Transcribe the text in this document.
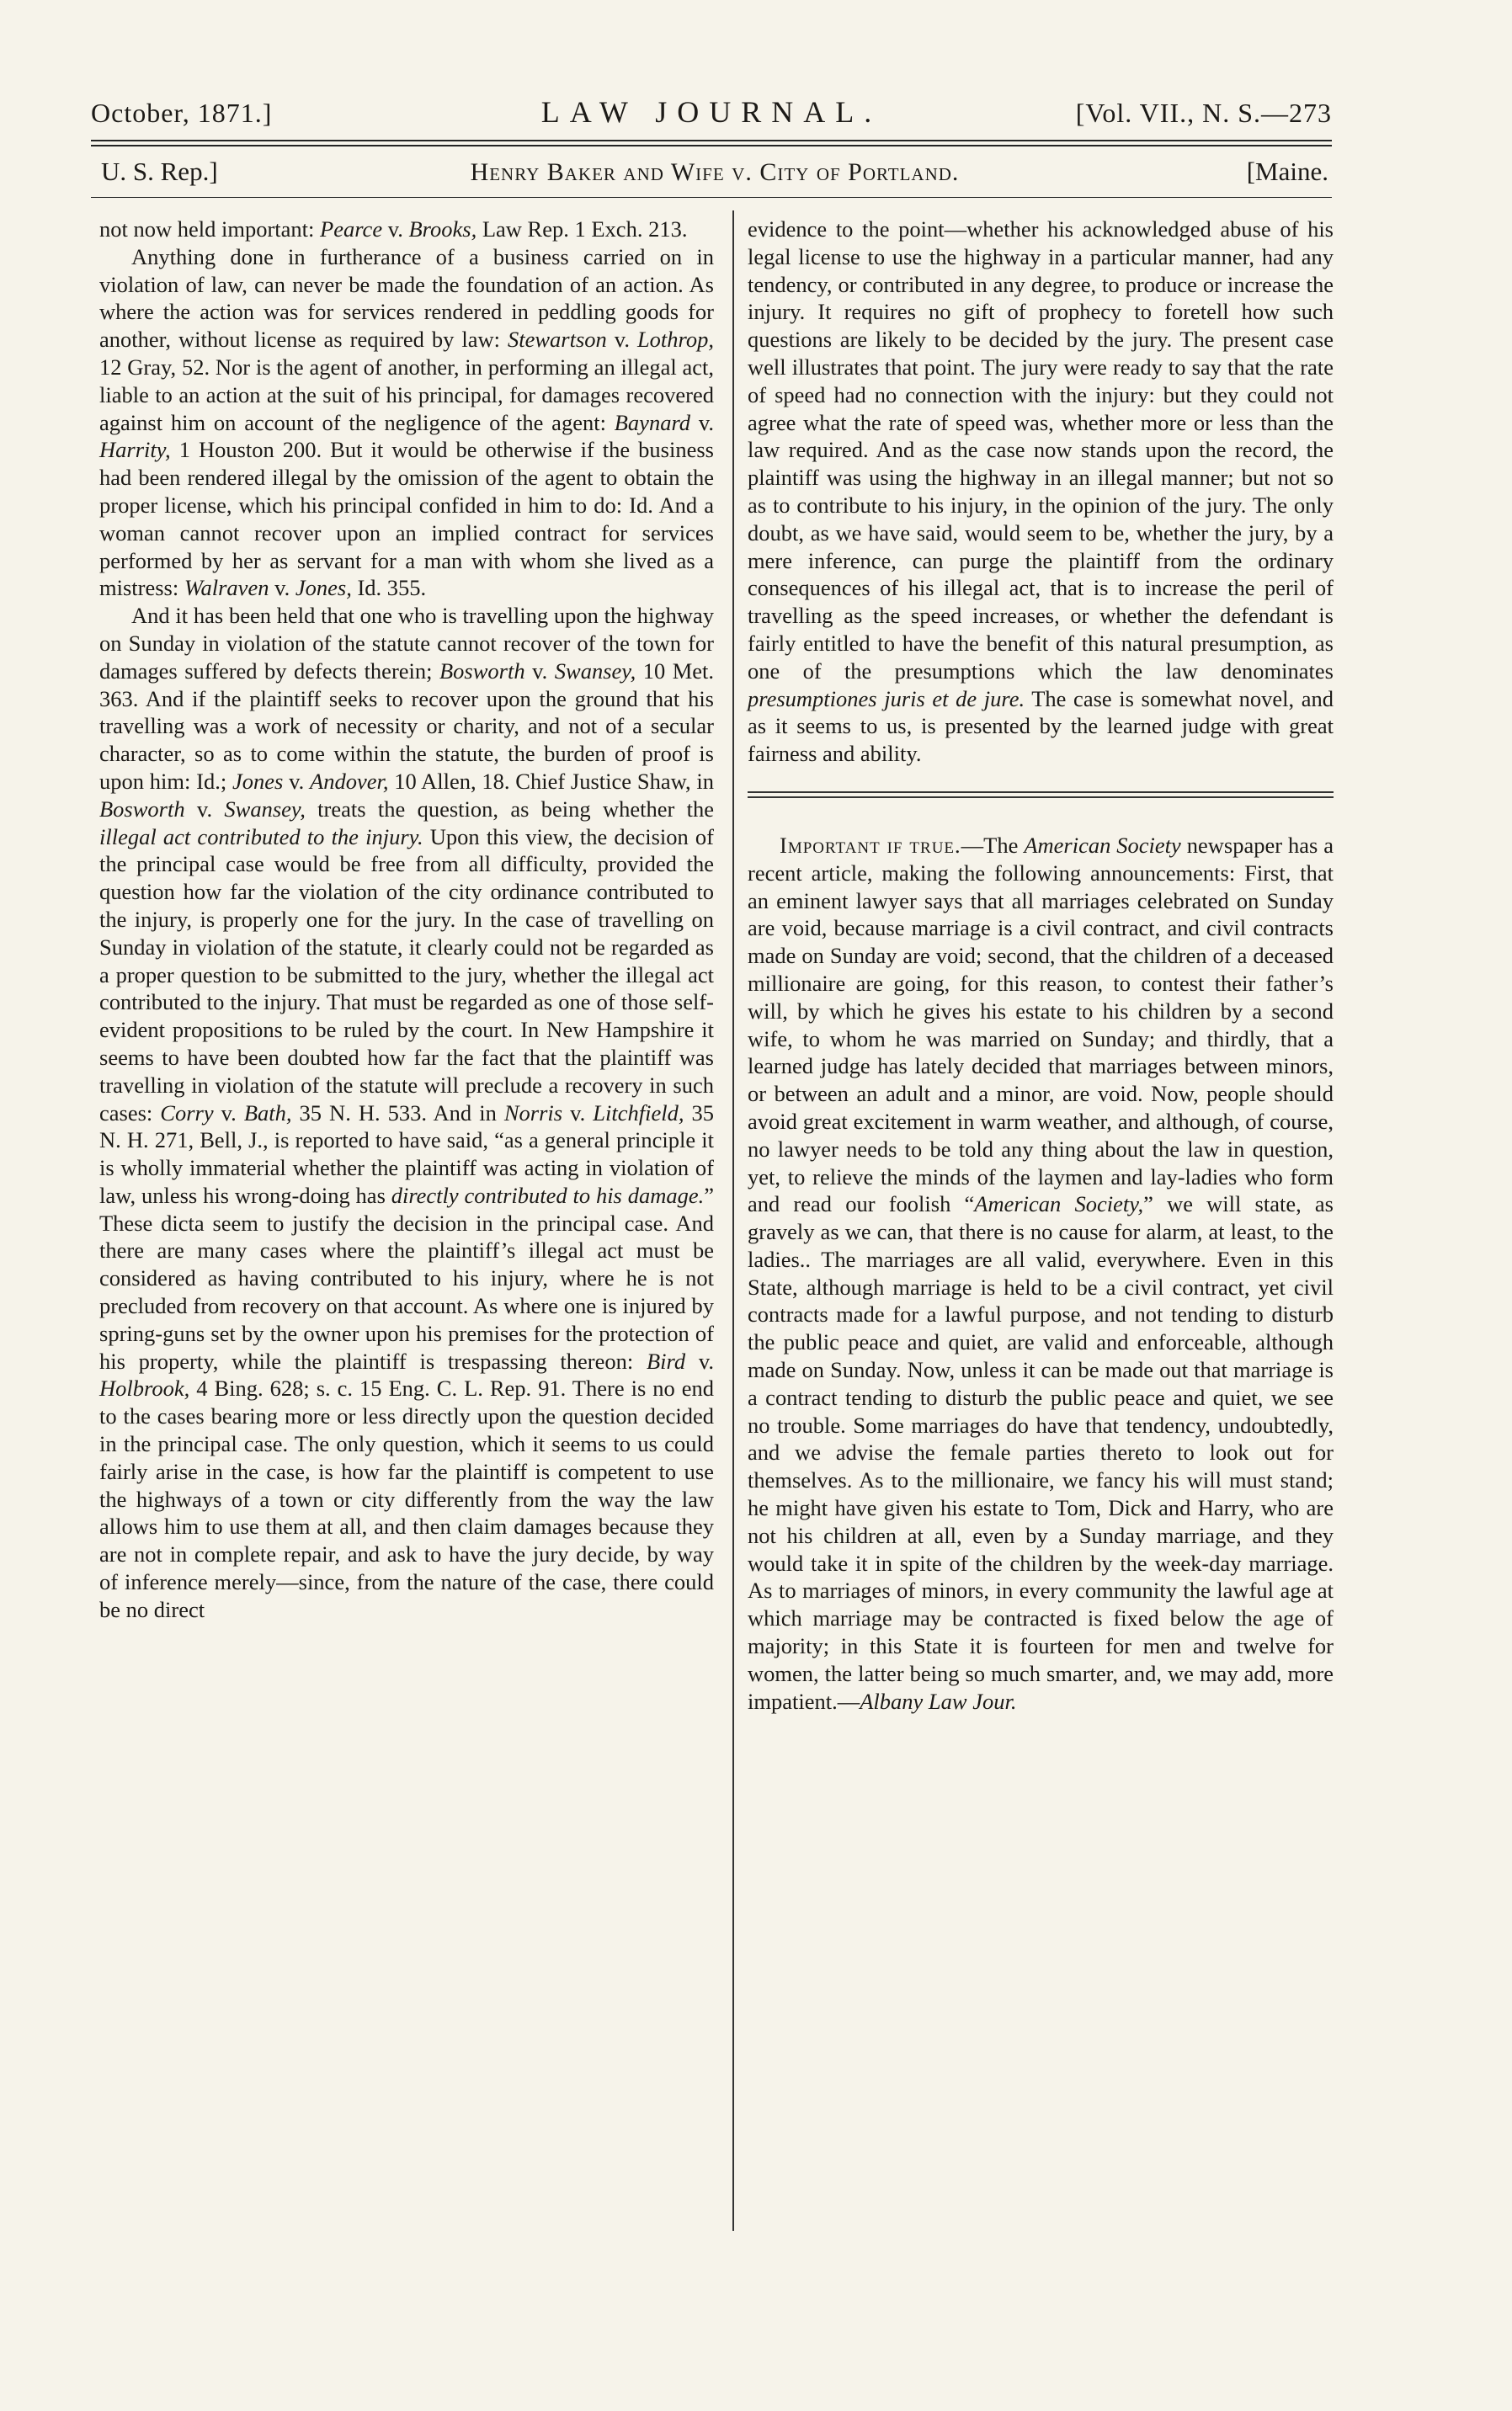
October, 1871.]	LAW JOURNAL.	[Vol. VII., N. S.—273
U. S. Rep.]	Henry Baker and Wife v. City of Portland.	[Maine.

not now held important: Pearce v. Brooks, Law Rep. 1 Exch. 213.

Anything done in furtherance of a business carried on in violation of law, can never be made the foundation of an action. As where the action was for services rendered in peddling goods for another, without license as required by law: Stewartson v. Lothrop, 12 Gray, 52. Nor is the agent of another, in performing an illegal act, liable to an action at the suit of his principal, for damages recovered against him on account of the negligence of the agent: Baynard v. Harrity, 1 Houston 200. But it would be otherwise if the business had been rendered illegal by the omission of the agent to obtain the proper license, which his principal confided in him to do: Id. And a woman cannot recover upon an implied contract for services performed by her as servant for a man with whom she lived as a mistress: Walraven v. Jones, Id. 355.

And it has been held that one who is travelling upon the highway on Sunday in violation of the statute cannot recover of the town for damages suffered by defects therein; Bosworth v. Swansey, 10 Met. 363. And if the plaintiff seeks to recover upon the ground that his travelling was a work of necessity or charity, and not of a secular character, so as to come within the statute, the burden of proof is upon him: Id.; Jones v. Andover, 10 Allen, 18. Chief Justice Shaw, in Bosworth v. Swansey, treats the question, as being whether the illegal act contributed to the injury. Upon this view, the decision of the principal case would be free from all difficulty, provided the question how far the violation of the city ordinance contributed to the injury, is properly one for the jury. In the case of travelling on Sunday in violation of the statute, it clearly could not be regarded as a proper question to be submitted to the jury, whether the illegal act contributed to the injury. That must be regarded as one of those self-evident propositions to be ruled by the court. In New Hampshire it seems to have been doubted how far the fact that the plaintiff was travelling in violation of the statute will preclude a recovery in such cases: Corry v. Bath, 35 N. H. 533. And in Norris v. Litchfield, 35 N. H. 271, Bell, J., is reported to have said, “as a general principle it is wholly immaterial whether the plaintiff was acting in violation of law, unless his wrong-doing has directly contributed to his damage.” These dicta seem to justify the decision in the principal case. And there are many cases where the plaintiff’s illegal act must be considered as having contributed to his injury, where he is not precluded from recovery on that account. As where one is injured by spring-guns set by the owner upon his premises for the protection of his property, while the plaintiff is trespassing thereon: Bird v. Holbrook, 4 Bing. 628; s. c. 15 Eng. C. L. Rep. 91. There is no end to the cases bearing more or less directly upon the question decided in the principal case. The only question, which it seems to us could fairly arise in the case, is how far the plaintiff is competent to use the highways of a town or city differently from the way the law allows him to use them at all, and then claim damages because they are not in complete repair, and ask to have the jury decide, by way of inference merely—since, from the nature of the case, there could be no direct

evidence to the point—whether his acknowledged abuse of his legal license to use the highway in a particular manner, had any tendency, or contributed in any degree, to produce or increase the injury. It requires no gift of prophecy to foretell how such questions are likely to be decided by the jury. The present case well illustrates that point. The jury were ready to say that the rate of speed had no connection with the injury: but they could not agree what the rate of speed was, whether more or less than the law required. And as the case now stands upon the record, the plaintiff was using the highway in an illegal manner; but not so as to contribute to his injury, in the opinion of the jury. The only doubt, as we have said, would seem to be, whether the jury, by a mere inference, can purge the plaintiff from the ordinary consequences of his illegal act, that is to increase the peril of travelling as the speed increases, or whether the defendant is fairly entitled to have the benefit of this natural presumption, as one of the presumptions which the law denominates presumptiones juris et de jure. The case is somewhat novel, and as it seems to us, is presented by the learned judge with great fairness and ability.

Important if true.—The American Society newspaper has a recent article, making the following announcements: First, that an eminent lawyer says that all marriages celebrated on Sunday are void, because marriage is a civil contract, and civil contracts made on Sunday are void; second, that the children of a deceased millionaire are going, for this reason, to contest their father’s will, by which he gives his estate to his children by a second wife, to whom he was married on Sunday; and thirdly, that a learned judge has lately decided that marriages between minors, or between an adult and a minor, are void. Now, people should avoid great excitement in warm weather, and although, of course, no lawyer needs to be told any thing about the law in question, yet, to relieve the minds of the laymen and lay-ladies who form and read our foolish “American Society,” we will state, as gravely as we can, that there is no cause for alarm, at least, to the ladies.. The marriages are all valid, everywhere. Even in this State, although marriage is held to be a civil contract, yet civil contracts made for a lawful purpose, and not tending to disturb the public peace and quiet, are valid and enforceable, although made on Sunday. Now, unless it can be made out that marriage is a contract tending to disturb the public peace and quiet, we see no trouble. Some marriages do have that tendency, undoubtedly, and we advise the female parties thereto to look out for themselves. As to the millionaire, we fancy his will must stand; he might have given his estate to Tom, Dick and Harry, who are not his children at all, even by a Sunday marriage, and they would take it in spite of the children by the week-day marriage. As to marriages of minors, in every community the lawful age at which marriage may be contracted is fixed below the age of majority; in this State it is fourteen for men and twelve for women, the latter being so much smarter, and, we may add, more impatient.—Albany Law Jour.
